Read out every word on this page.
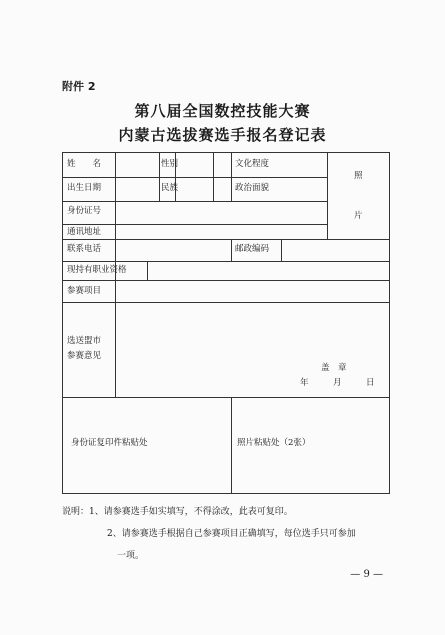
附件 2
第八届全国数控技能大赛
内蒙古选拔赛选手报名登记表
姓　　名	性别	文化程度
照
片
出生日期	民族	政治面貌
身份证号
通讯地址
联系电话	邮政编码
现持有职业资格
参赛项目
选送盟市
参赛意见
盖　章
年	月	日
身份证复印件粘贴处	照片粘贴处（2张）
说明：1、请参赛选手如实填写，不得涂改，此表可复印。
2、请参赛选手根据自己参赛项目正确填写，每位选手只可参加
一项。
— 9 —
